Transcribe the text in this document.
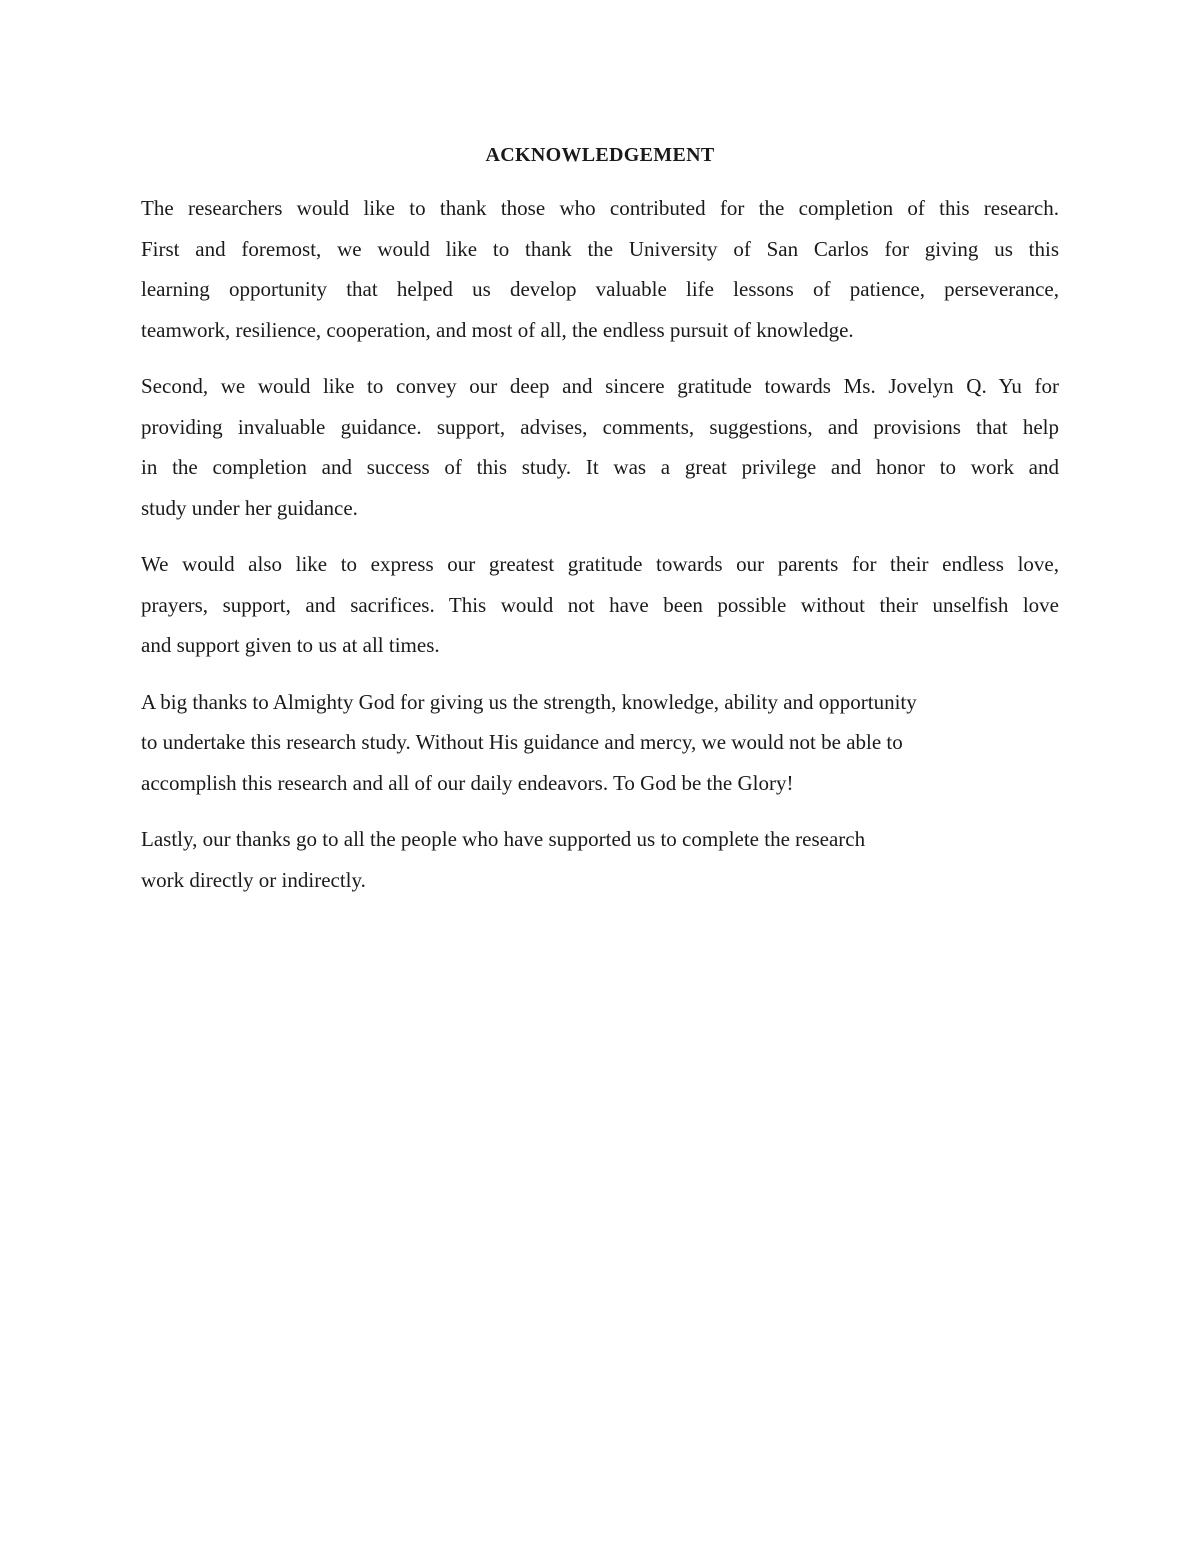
ACKNOWLEDGEMENT
The researchers would like to thank those who contributed for the completion of this research.
First and foremost, we would like to thank the University of San Carlos for giving us this
learning opportunity that helped us develop valuable life lessons of patience, perseverance,
teamwork, resilience, cooperation, and most of all, the endless pursuit of knowledge.
Second, we would like to convey our deep and sincere gratitude towards Ms. Jovelyn Q. Yu for
providing invaluable guidance. support, advises, comments, suggestions, and provisions that help
in the completion and success of this study. It was a great privilege and honor to work and
study under her guidance.
We would also like to express our greatest gratitude towards our parents for their endless love,
prayers, support, and sacrifices. This would not have been possible without their unselfish love
and support given to us at all times.
A big thanks to Almighty God for giving us the strength, knowledge, ability and opportunity
to undertake this research study. Without His guidance and mercy, we would not be able to
accomplish this research and all of our daily endeavors. To God be the Glory!
Lastly, our thanks go to all the people who have supported us to complete the research
work directly or indirectly.
